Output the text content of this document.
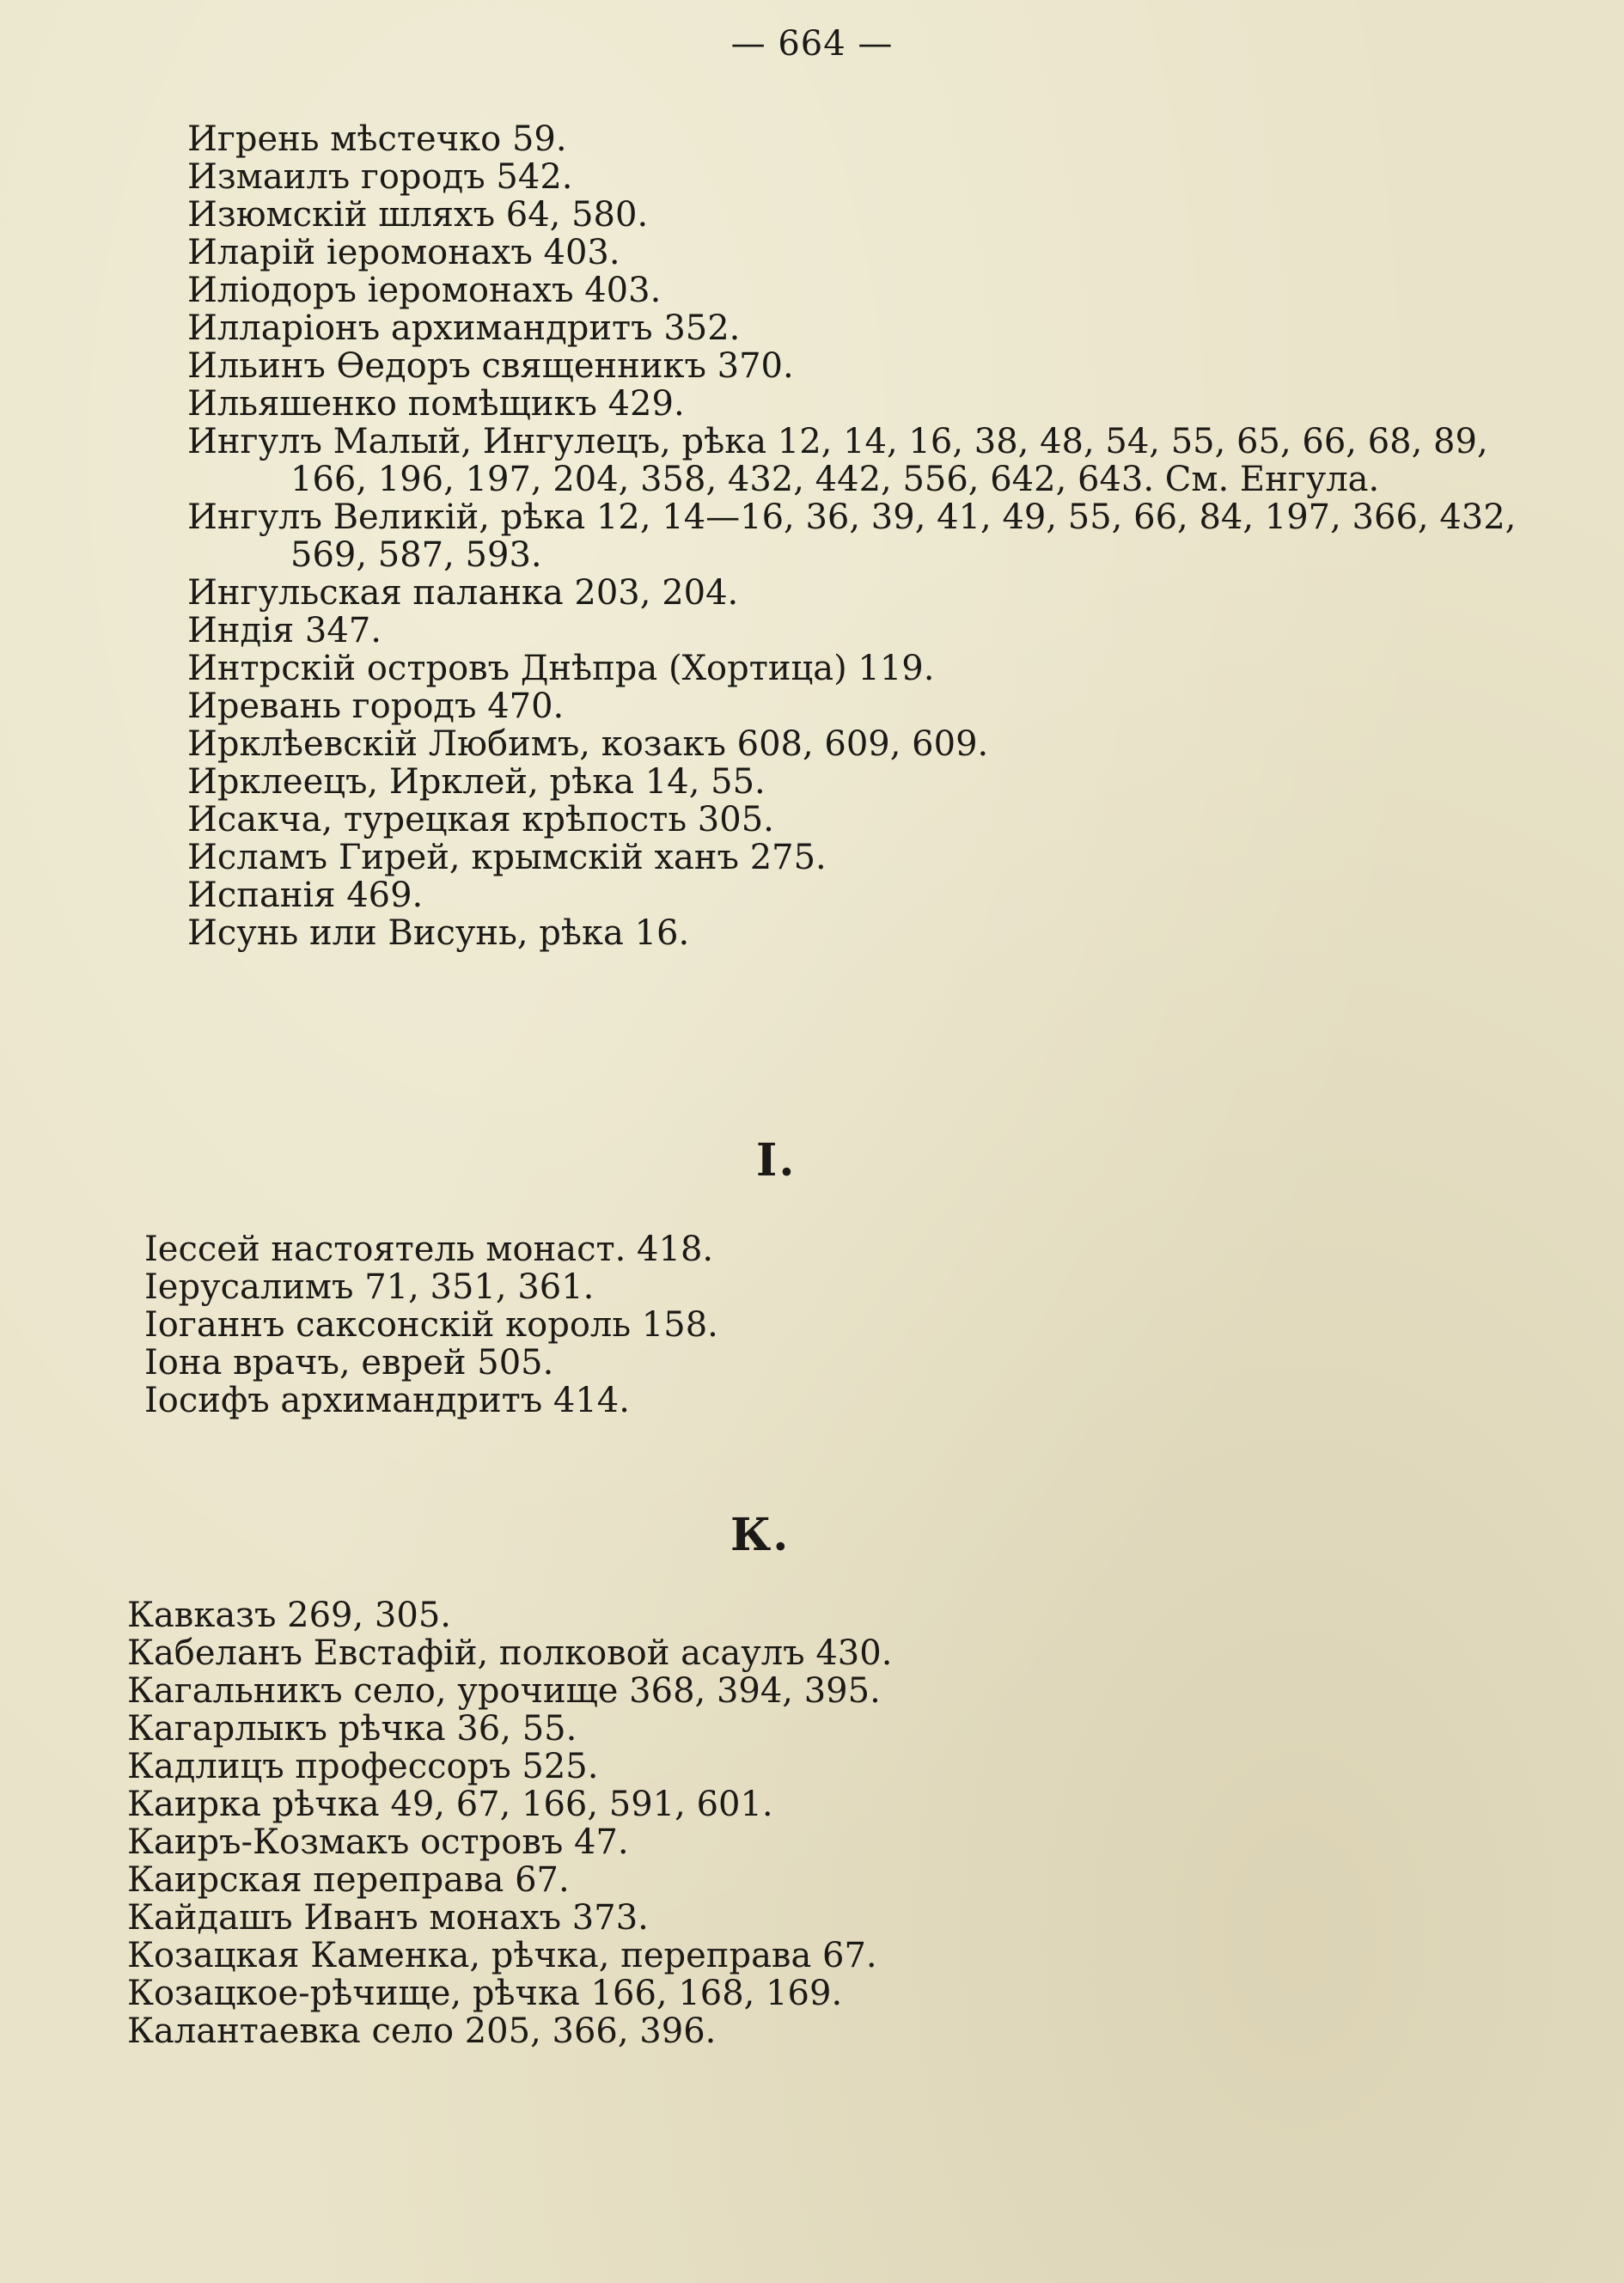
— 664 —

Игрень мѣстечко 59.

Измаилъ городъ 542.

Изюмскій шляхъ 64, 580.

Иларій іеромонахъ 403.

Иліодоръ іеромонахъ 403.

Илларіонъ архимандритъ 352.

Ильинъ Ѳедоръ священникъ 370.

Ильяшенко помѣщикъ 429.

Ингулъ Малый, Ингулецъ, рѣка 12, 14, 16, 38, 48, 54, 55, 65, 66, 68, 89, 166, 196, 197, 204, 358, 432, 442, 556, 642, 643. См. Енгула.

Ингулъ Великій, рѣка 12, 14—16, 36, 39, 41, 49, 55, 66, 84, 197, 366, 432, 569, 587, 593.

Ингульская паланка 203, 204.

Индія 347.

Интрскій островъ Днѣпра (Хортица) 119.

Иревань городъ 470.

Ирклѣевскій Любимъ, козакъ 608, 609, 609.

Ирклеецъ, Ирклей, рѣка 14, 55.

Исакча, турецкая крѣпость 305.

Исламъ Гирей, крымскій ханъ 275.

Испанія 469.

Исунь или Висунь, рѣка 16.

І.

Іессей настоятель монаст. 418.

Іерусалимъ 71, 351, 361.

Іоганнъ саксонскій король 158.

Іона врачъ, еврей 505.

Іосифъ архимандритъ 414.

К.

Кавказъ 269, 305.

Кабеланъ Евстафій, полковой асаулъ 430.

Кагальникъ село, урочище 368, 394, 395.

Кагарлыкъ рѣчка 36, 55.

Кадлицъ профессоръ 525.

Каирка рѣчка 49, 67, 166, 591, 601.

Каиръ-Козмакъ островъ 47.

Каирская переправа 67.

Кайдашъ Иванъ монахъ 373.

Козацкая Каменка, рѣчка, переправа 67.

Козацкое-рѣчище, рѣчка 166, 168, 169.

Калантаевка село 205, 366, 396.
